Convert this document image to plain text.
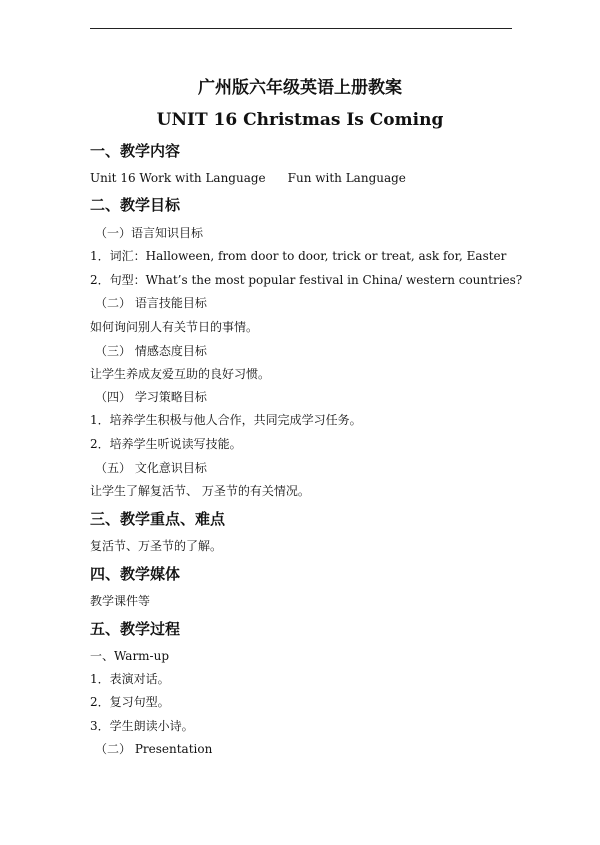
广州版六年级英语上册教案
UNIT 16 Christmas Is Coming
一、教学内容
Unit 16 Work with Language Fun with Language
二、教学目标
（一）语言知识目标
1．词汇：Halloween, from door to door, trick or treat, ask for, Easter
2．句型：What’s the most popular festival in China/ western countries?
（二） 语言技能目标
如何询问别人有关节日的事情。
（三） 情感态度目标
让学生养成友爱互助的良好习惯。
（四） 学习策略目标
1．培养学生积极与他人合作，共同完成学习任务。
2．培养学生听说读写技能。
（五） 文化意识目标
让学生了解复活节、 万圣节的有关情况。
三、教学重点、难点
复活节、万圣节的了解。
四、教学媒体
教学课件等
五、教学过程
一、Warm-up
1．表演对话。
2．复习句型。
3．学生朗读小诗。
（二） Presentation
